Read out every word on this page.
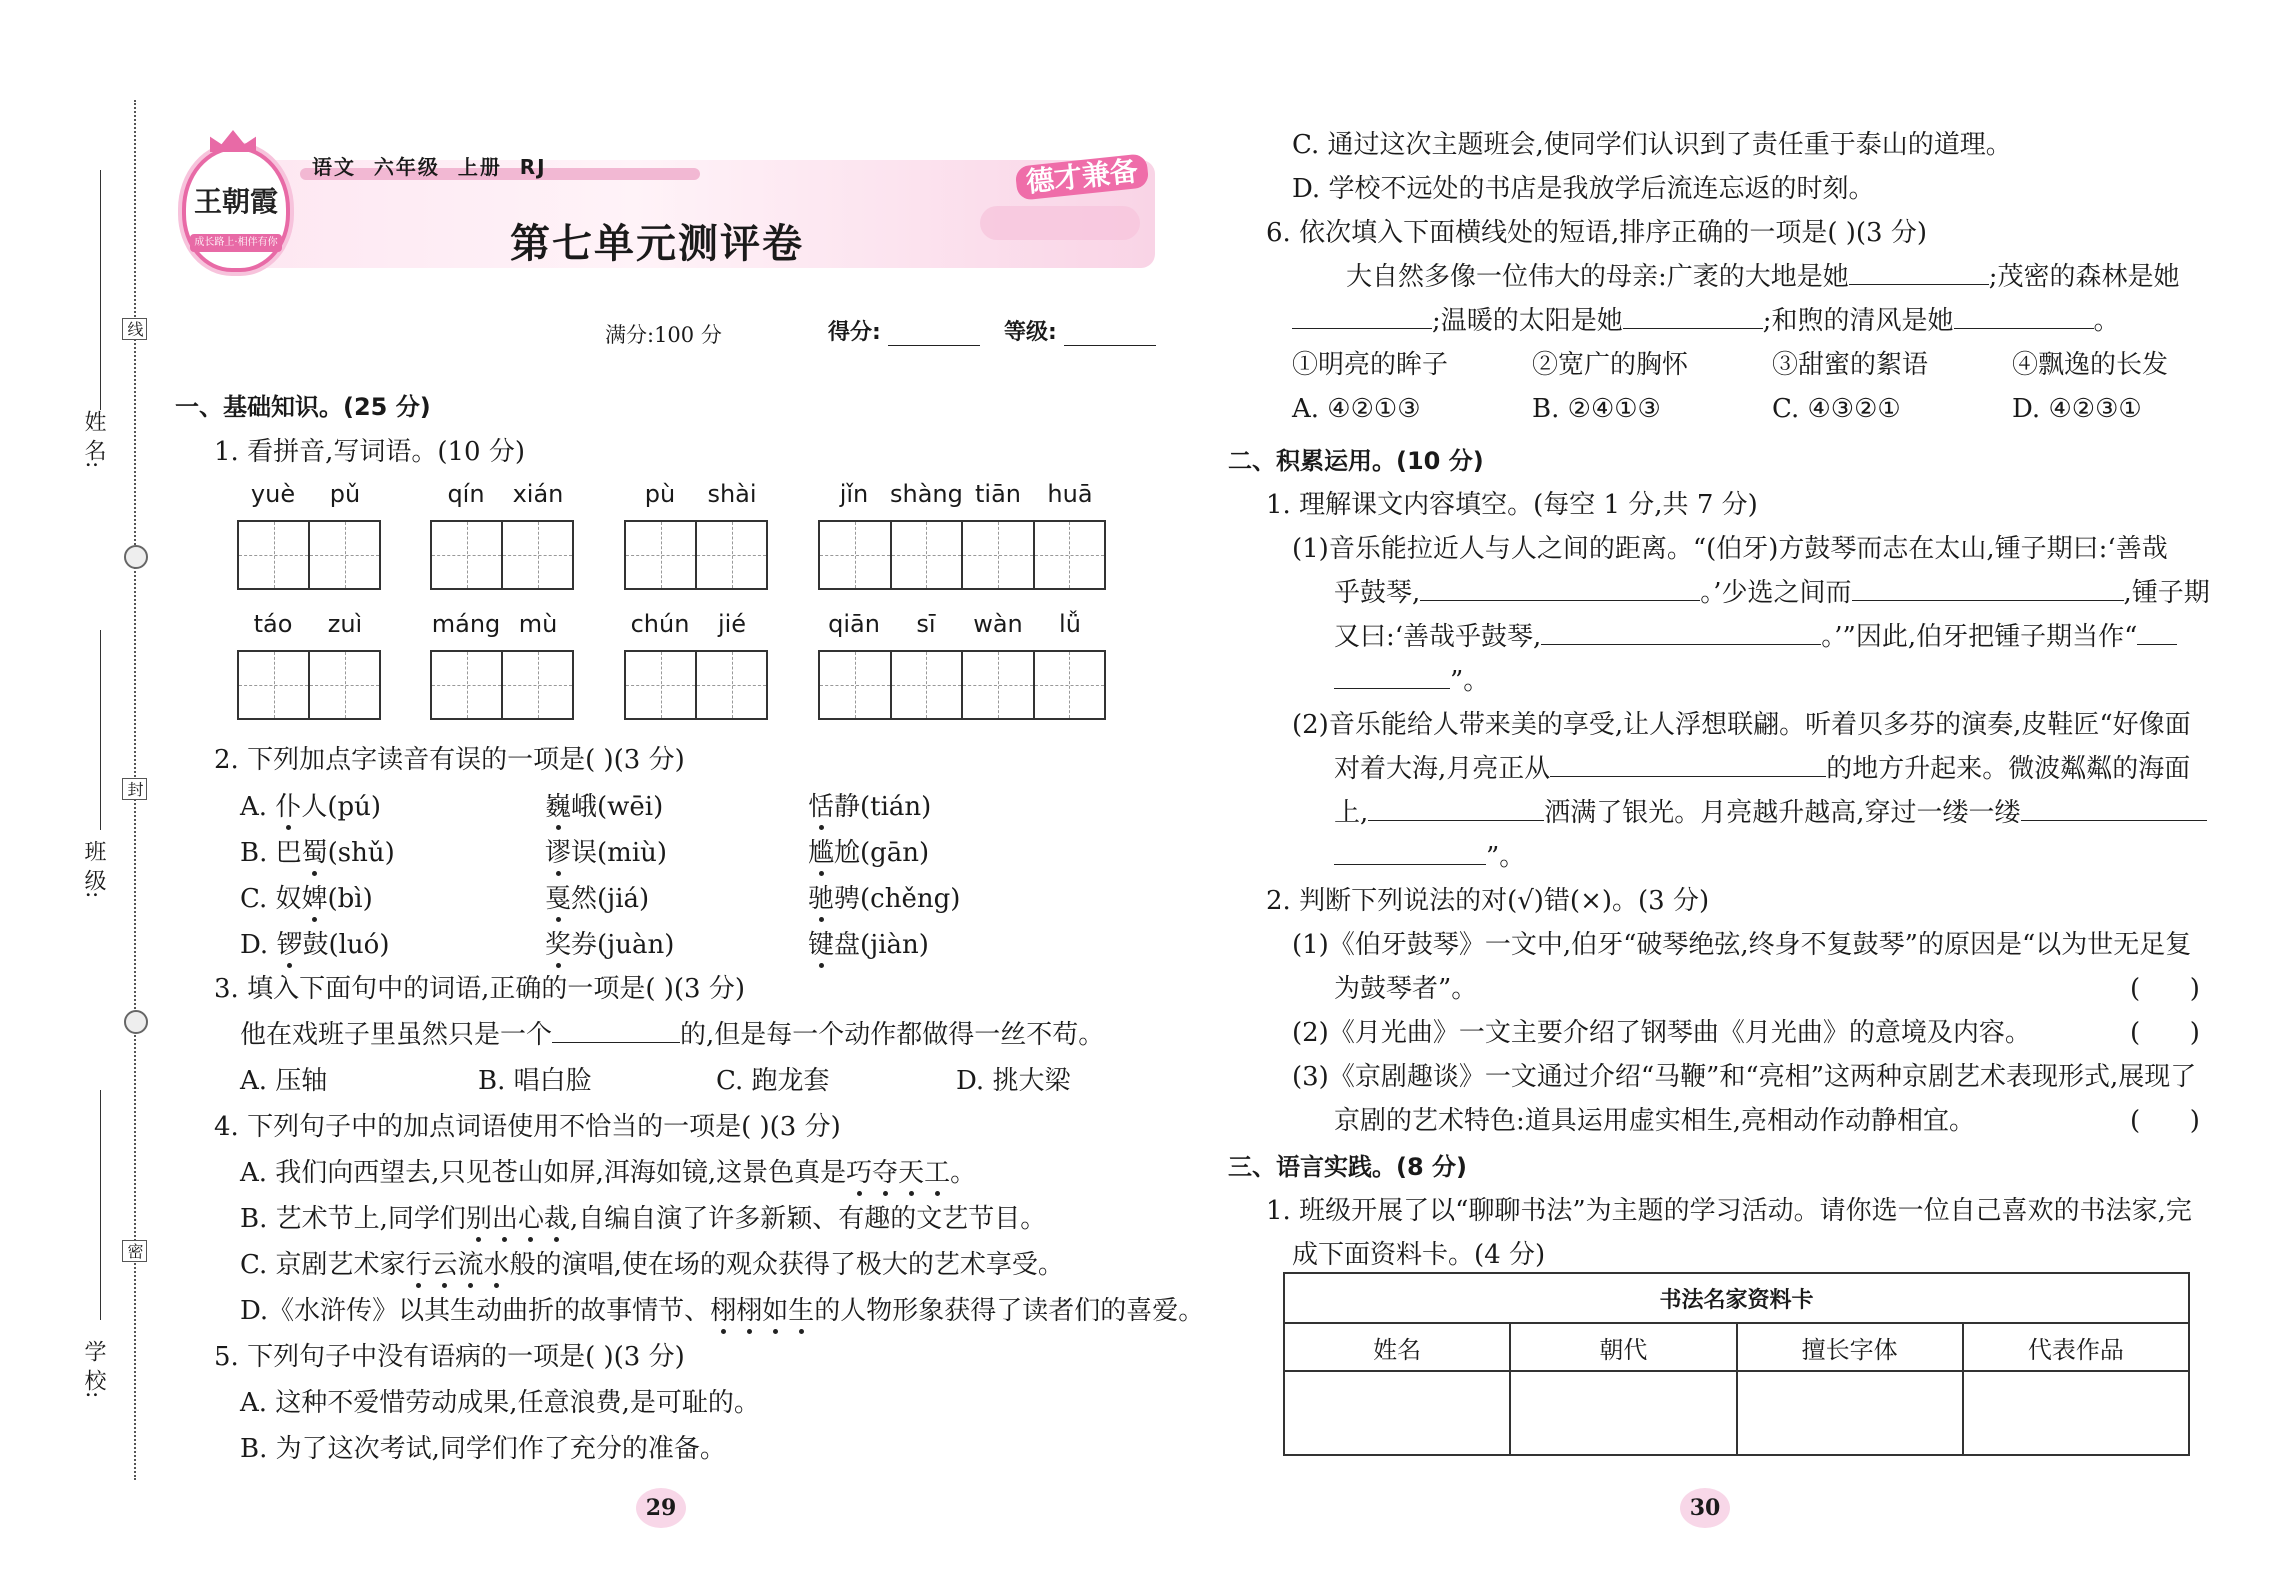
姓 名:
班 级:
学 校:
线
封
密
王朝霞
成长路上·相伴有你
语文  六年级  上册  RJ
第七单元测评卷
德才兼备
满分:100 分	得分:	等级:
一、基础知识。(25 分)
1. 看拼音,写词语。(10 分)
yuè	pǔ	qín	xián	pù	shài	jǐn shàng tiān	huā
táo	zuì	máng mù	chún	jié	qiān	sī	wàn	lǚ
2. 下列加点字读音有误的一项是( )(3 分)
A. 仆人(pú)	巍峨(wēi)	恬静(tián)
B. 巴蜀(shǔ)	谬误(miù)	尴尬(gān)
C. 奴婢(bì)	戛然(jiá)	驰骋(chěng)
D. 锣鼓(luó)	奖券(juàn)	键盘(jiàn)
3. 填入下面句中的词语,正确的一项是( )(3 分)
他在戏班子里虽然只是一个	的,但是每一个动作都做得一丝不苟。
A. 压轴	B. 唱白脸	C. 跑龙套	D. 挑大梁
4. 下列句子中的加点词语使用不恰当的一项是( )(3 分)
A. 我们向西望去,只见苍山如屏,洱海如镜,这景色真是巧夺天工。
B. 艺术节上,同学们别出心裁,自编自演了许多新颖、有趣的文艺节目。
C. 京剧艺术家行云流水般的演唱,使在场的观众获得了极大的艺术享受。
D.《水浒传》以其生动曲折的故事情节、栩栩如生的人物形象获得了读者们的喜爱。
5. 下列句子中没有语病的一项是( )(3 分)
A. 这种不爱惜劳动成果,任意浪费,是可耻的。
B. 为了这次考试,同学们作了充分的准备。
29
C. 通过这次主题班会,使同学们认识到了责任重于泰山的道理。
D. 学校不远处的书店是我放学后流连忘返的时刻。
6. 依次填入下面横线处的短语,排序正确的一项是( )(3 分)
大自然多像一位伟大的母亲:广袤的大地是她	;茂密的森林是她
;温暖的太阳是她	;和煦的清风是她	。
①明亮的眸子	②宽广的胸怀	③甜蜜的絮语	④飘逸的长发
A. ④②①③	B. ②④①③	C. ④③②①	D. ④②③①
二、积累运用。(10 分)
1. 理解课文内容填空。(每空 1 分,共 7 分)
(1)音乐能拉近人与人之间的距离。“(伯牙)方鼓琴而志在太山,锺子期曰:‘善哉
乎鼓琴,	。’少选之间而	,锺子期
又曰:‘善哉乎鼓琴,	。’”因此,伯牙把锺子期当作“
”。
(2)音乐能给人带来美的享受,让人浮想联翩。听着贝多芬的演奏,皮鞋匠“好像面
对着大海,月亮正从	的地方升起来。微波粼粼的海面
上,	洒满了银光。月亮越升越高,穿过一缕一缕
”。
2. 判断下列说法的对(√)错(×)。(3 分)
(1)《伯牙鼓琴》一文中,伯牙“破琴绝弦,终身不复鼓琴”的原因是“以为世无足复
为鼓琴者”。	(      )
(2)《月光曲》一文主要介绍了钢琴曲《月光曲》的意境及内容。	(      )
(3)《京剧趣谈》一文通过介绍“马鞭”和“亮相”这两种京剧艺术表现形式,展现了
京剧的艺术特色:道具运用虚实相生,亮相动作动静相宜。	(      )
三、语言实践。(8 分)
1. 班级开展了以“聊聊书法”为主题的学习活动。请你选一位自己喜欢的书法家,完
成下面资料卡。(4 分)
书法名家资料卡			
姓名	朝代	擅长字体	代表作品

30
